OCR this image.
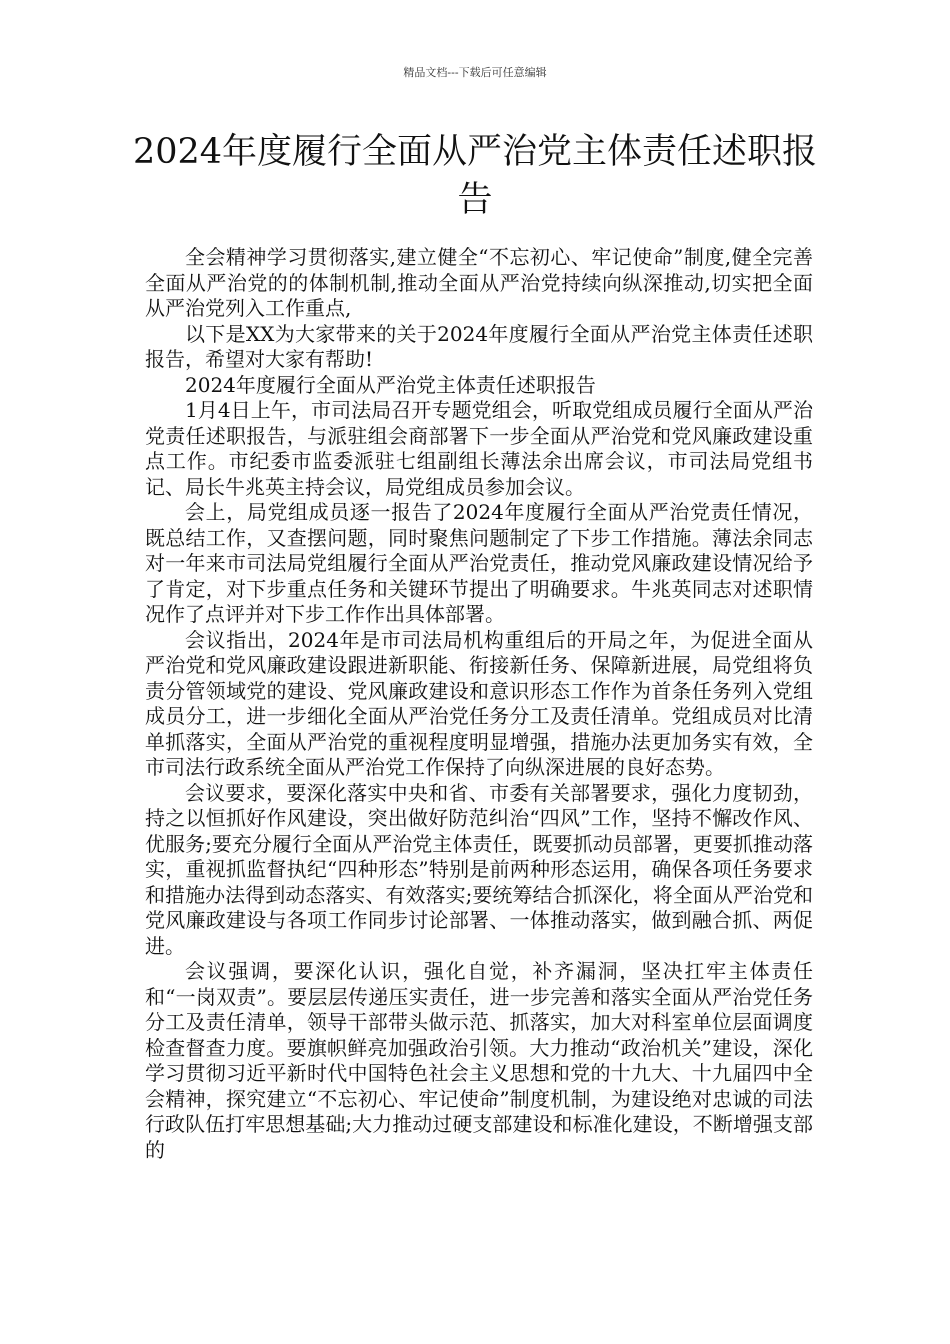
精品文档---下载后可任意编辑
2024年度履行全面从严治党主体责任述职报告

全会精神学习贯彻落实,建立健全“不忘初心、牢记使命”制度,健全完善全面从严治党的的体制机制,推动全面从严治党持续向纵深推动,切实把全面从严治党列入工作重点,

以下是XX为大家带来的关于2024年度履行全面从严治党主体责任述职报告，希望对大家有帮助!

2024年度履行全面从严治党主体责任述职报告

1月4日上午，市司法局召开专题党组会，听取党组成员履行全面从严治党责任述职报告，与派驻组会商部署下一步全面从严治党和党风廉政建设重点工作。市纪委市监委派驻七组副组长薄法余出席会议，市司法局党组书记、局长牛兆英主持会议，局党组成员参加会议。

会上，局党组成员逐一报告了2024年度履行全面从严治党责任情况，既总结工作，又查摆问题，同时聚焦问题制定了下步工作措施。薄法余同志对一年来市司法局党组履行全面从严治党责任，推动党风廉政建设情况给予了肯定，对下步重点任务和关键环节提出了明确要求。牛兆英同志对述职情况作了点评并对下步工作作出具体部署。

会议指出，2024年是市司法局机构重组后的开局之年，为促进全面从严治党和党风廉政建设跟进新职能、衔接新任务、保障新进展，局党组将负责分管领域党的建设、党风廉政建设和意识形态工作作为首条任务列入党组成员分工，进一步细化全面从严治党任务分工及责任清单。党组成员对比清单抓落实，全面从严治党的重视程度明显增强，措施办法更加务实有效，全市司法行政系统全面从严治党工作保持了向纵深进展的良好态势。

会议要求，要深化落实中央和省、市委有关部署要求，强化力度韧劲，持之以恒抓好作风建设，突出做好防范纠治“四风”工作，坚持不懈改作风、优服务;要充分履行全面从严治党主体责任，既要抓动员部署，更要抓推动落实，重视抓监督执纪“四种形态”特别是前两种形态运用，确保各项任务要求和措施办法得到动态落实、有效落实;要统筹结合抓深化，将全面从严治党和党风廉政建设与各项工作同步讨论部署、一体推动落实，做到融合抓、两促进。

会议强调，要深化认识，强化自觉，补齐漏洞，坚决扛牢主体责任和“一岗双责”。要层层传递压实责任，进一步完善和落实全面从严治党任务分工及责任清单，领导干部带头做示范、抓落实，加大对科室单位层面调度检查督查力度。要旗帜鲜亮加强政治引领。大力推动“政治机关”建设，深化学习贯彻习近平新时代中国特色社会主义思想和党的十九大、十九届四中全会精神，探究建立“不忘初心、牢记使命”制度机制，为建设绝对忠诚的司法行政队伍打牢思想基础;大力推动过硬支部建设和标准化建设，不断增强支部的
